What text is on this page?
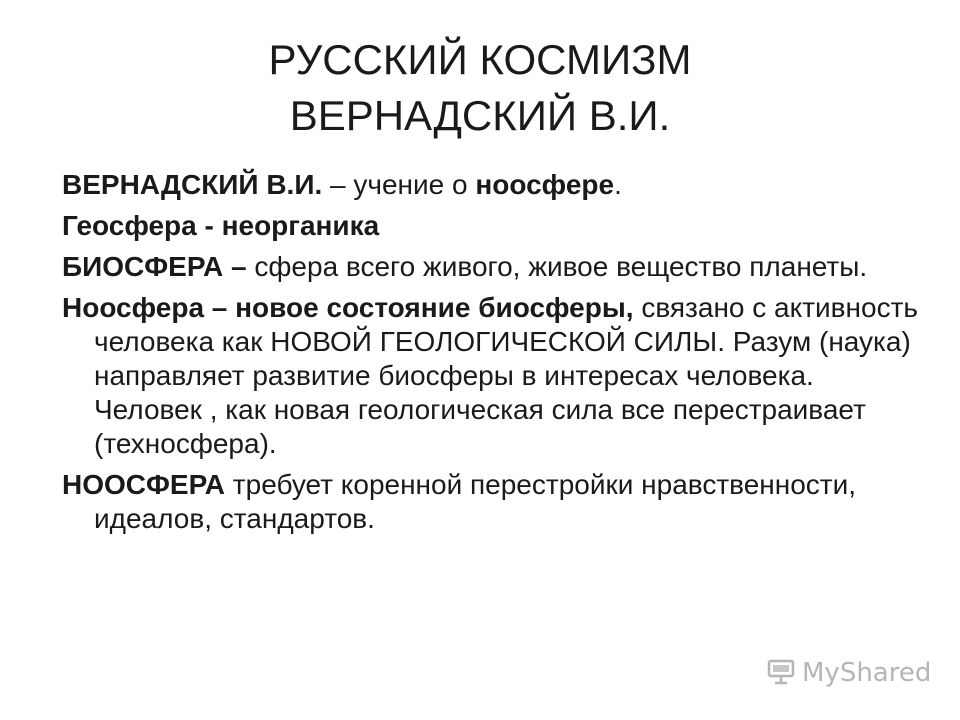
РУССКИЙ КОСМИЗМ
ВЕРНАДСКИЙ В.И.

ВЕРНАДСКИЙ В.И. – учение о ноосфере.

Геосфера - неорганика

БИОСФЕРА – сфера всего живого, живое вещество планеты.

Ноосфера – новое состояние биосферы, связано с активность человека как НОВОЙ ГЕОЛОГИЧЕСКОЙ СИЛЫ. Разум (наука) направляет развитие биосферы в интересах человека. Человек , как новая геологическая сила все перестраивает (техносфера).

НООСФЕРА требует коренной перестройки нравственности, идеалов, стандартов.

MyShared
